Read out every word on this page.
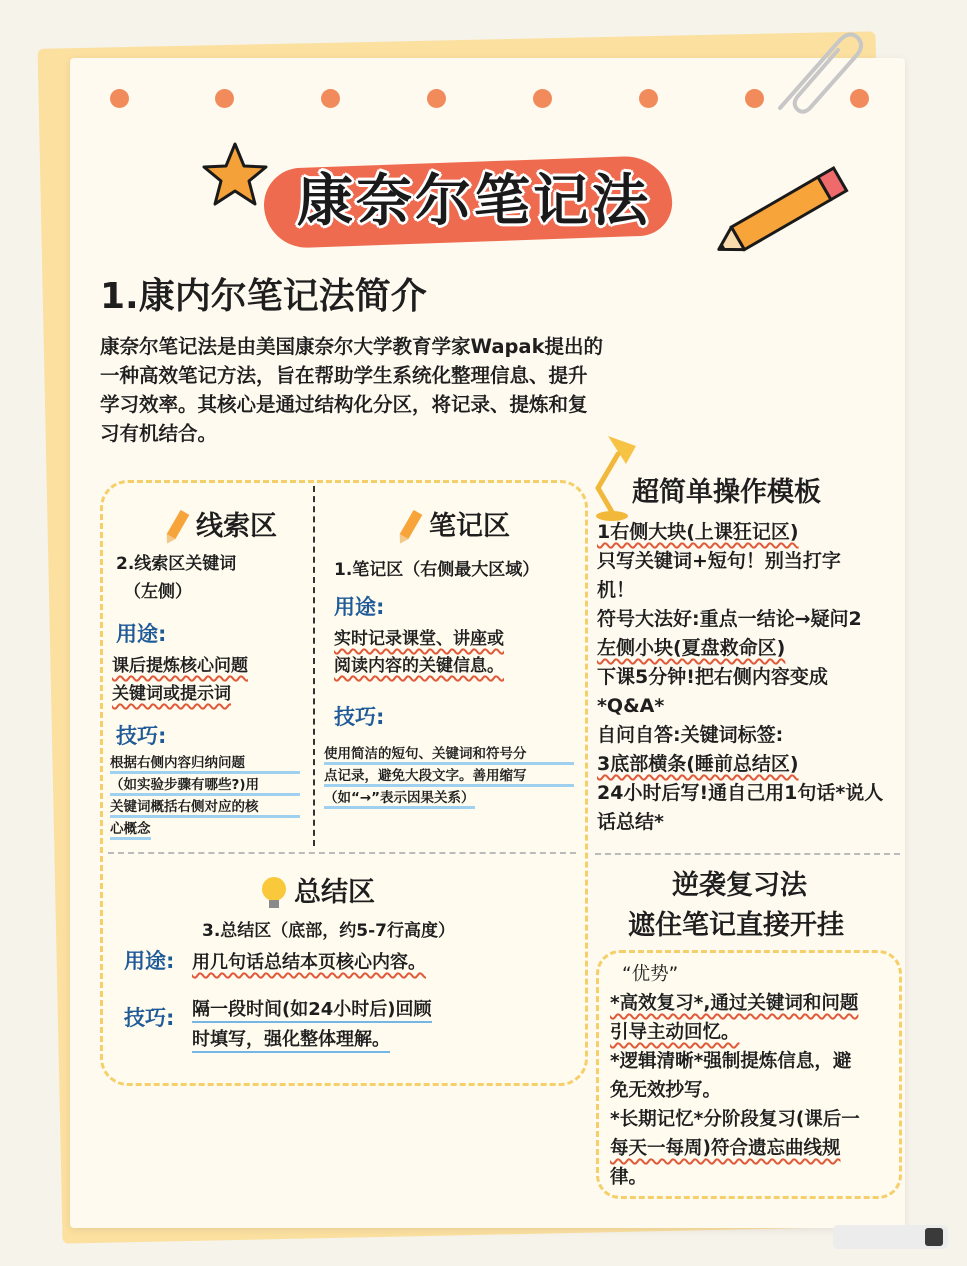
康奈尔笔记法
1.康内尔笔记法简介
康奈尔笔记法是由美国康奈尔大学教育学家Wapak提出的
一种高效笔记方法，旨在帮助学生系统化整理信息、提升
学习效率。其核心是通过结构化分区，将记录、提炼和复
习有机结合。
线索区
2.线索区关键词
（左侧）
用途:
课后提炼核心问题
关键词或提示词
技巧:
根据右侧内容归纳问题
（如实验步骤有哪些?)用
关键词概括右侧对应的核
心概念
笔记区
1.笔记区（右侧最大区域）
用途:
实时记录课堂、讲座或
阅读内容的关键信息。
技巧:
使用简洁的短句、关键词和符号分
点记录，避免大段文字。善用缩写
（如“→”表示因果关系）
总结区
3.总结区（底部，约5-7行高度）
用途: 用几句话总结本页核心内容。
技巧: 隔一段时间(如24小时后)回顾
时填写，强化整体理解。
超简单操作模板
1右侧大块(上课狂记区)
只写关键词+短句！别当打字
机！
符号大法好:重点一结论→疑问2
左侧小块(夏盘救命区)
下课5分钟!把右侧内容变成
*Q&A*
自问自答:关键词标签:
3底部横条(睡前总结区)
24小时后写!通自己用1句话*说人
话总结*
逆袭复习法
遮住笔记直接开挂
“优势”
*高效复习*,通过关键词和问题
引导主动回忆。
*逻辑清晰*强制提炼信息，避
免无效抄写。
*长期记忆*分阶段复习(课后一
每天一每周)符合遗忘曲线规
律。
